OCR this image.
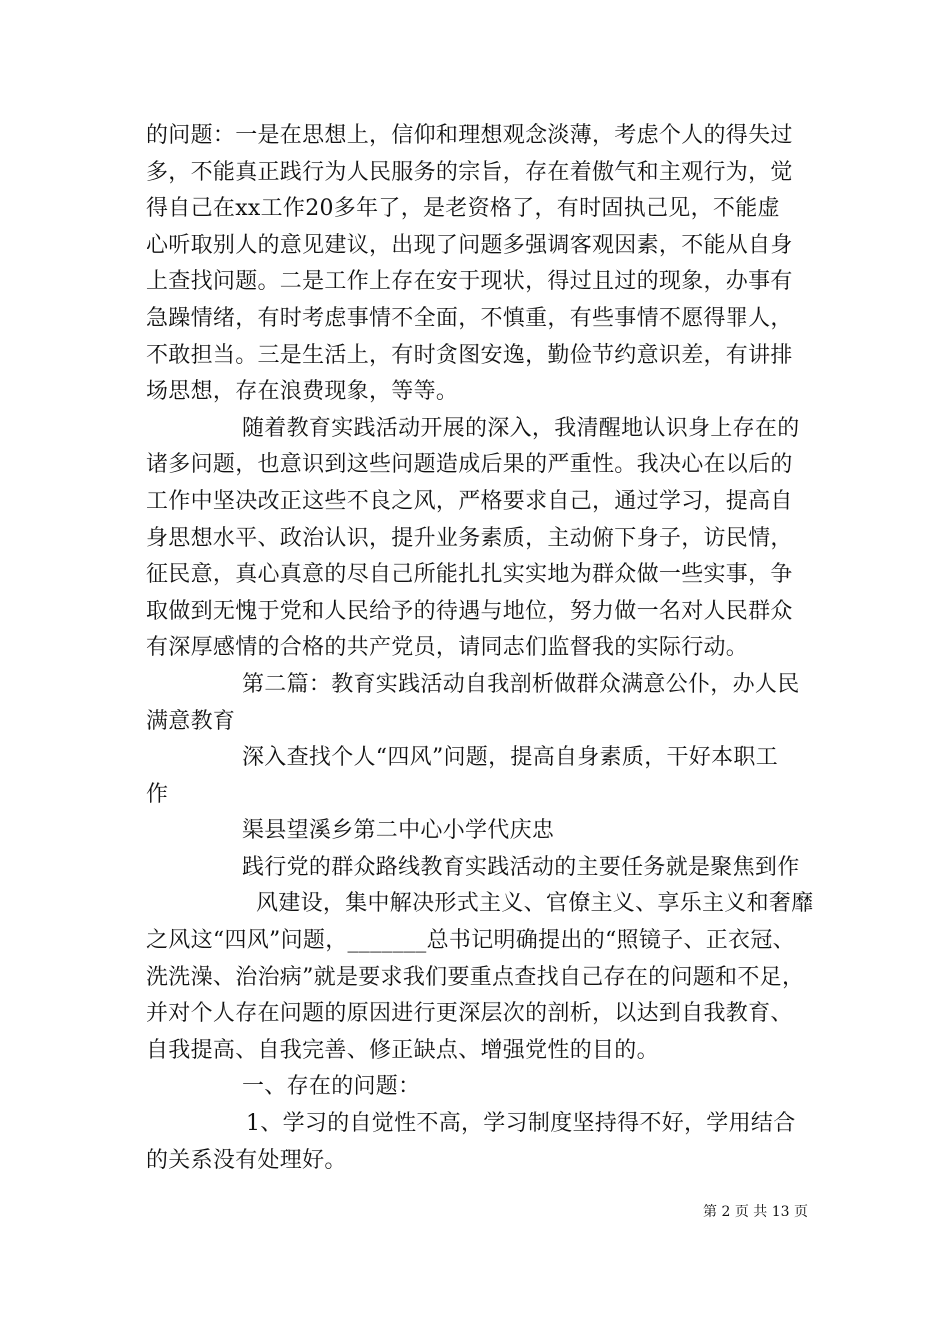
的问题：一是在思想上，信仰和理想观念淡薄，考虑个人的得失过
多，不能真正践行为人民服务的宗旨，存在着傲气和主观行为，觉
得自己在xx工作20多年了，是老资格了，有时固执己见，不能虚
心听取别人的意见建议，出现了问题多强调客观因素，不能从自身
上查找问题。二是工作上存在安于现状，得过且过的现象，办事有
急躁情绪，有时考虑事情不全面，不慎重，有些事情不愿得罪人，
不敢担当。三是生活上，有时贪图安逸，勤俭节约意识差，有讲排
场思想，存在浪费现象，等等。
随着教育实践活动开展的深入，我清醒地认识身上存在的
诸多问题，也意识到这些问题造成后果的严重性。我决心在以后的
工作中坚决改正这些不良之风，严格要求自己，通过学习，提高自
身思想水平、政治认识，提升业务素质，主动俯下身子，访民情，
征民意，真心真意的尽自己所能扎扎实实地为群众做一些实事，争
取做到无愧于党和人民给予的待遇与地位，努力做一名对人民群众
有深厚感情的合格的共产党员，请同志们监督我的实际行动。
第二篇：教育实践活动自我剖析做群众满意公仆，办人民
满意教育
深入查找个人“四风”问题，提高自身素质，干好本职工
作
渠县望溪乡第二中心小学代庆忠
践行党的群众路线教育实践活动的主要任务就是聚焦到作
风建设，集中解决形式主义、官僚主义、享乐主义和奢靡
之风这“四风”问题，_______总书记明确提出的“照镜子、正衣冠、
洗洗澡、治治病”就是要求我们要重点查找自己存在的问题和不足，
并对个人存在问题的原因进行更深层次的剖析，以达到自我教育、
自我提高、自我完善、修正缺点、增强党性的目的。
一、存在的问题：
1、学习的自觉性不高，学习制度坚持得不好，学用结合
的关系没有处理好。
第 2 页 共 13 页
